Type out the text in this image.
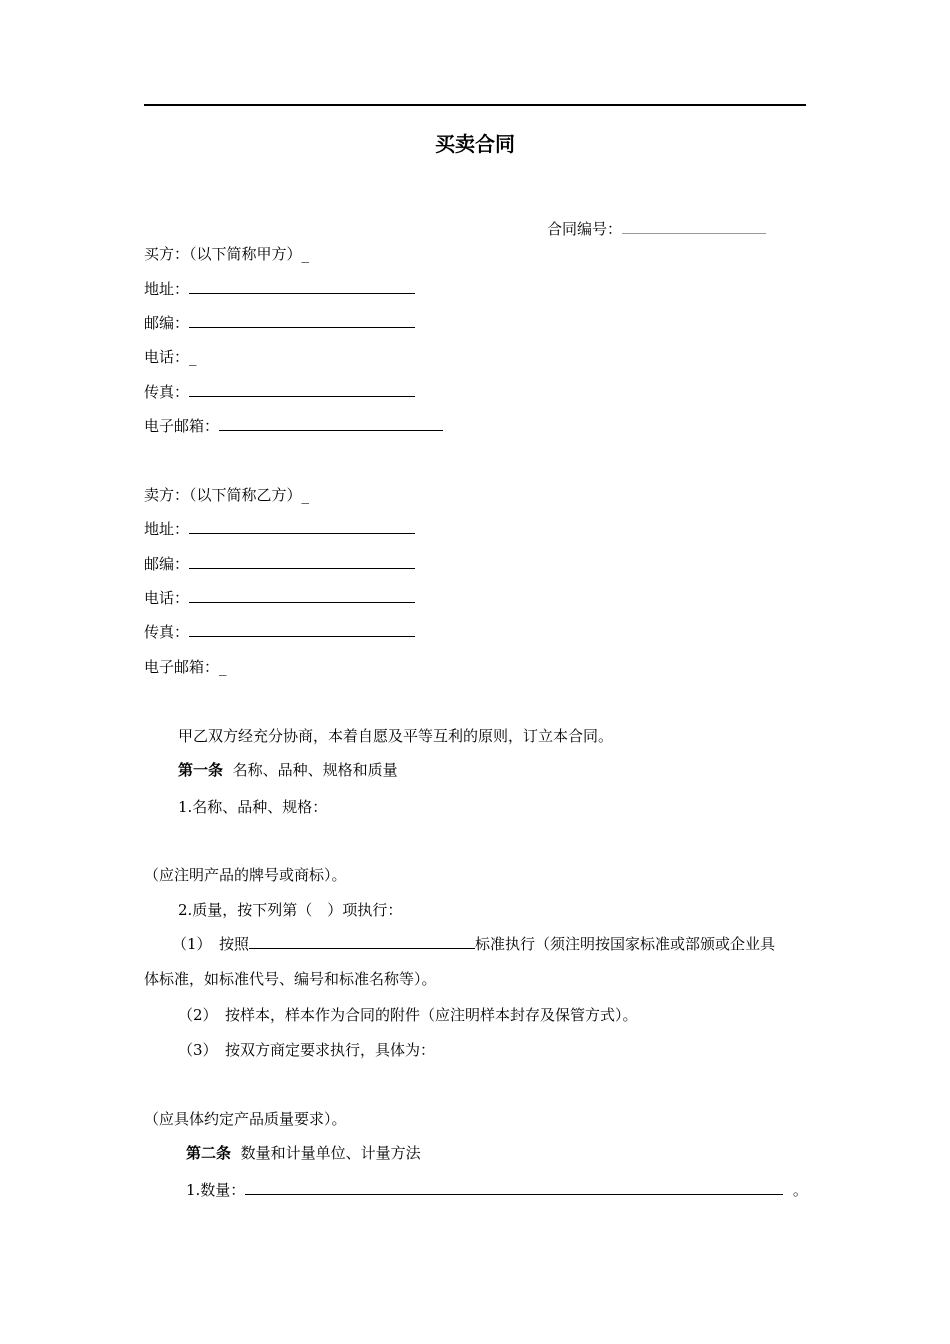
买卖合同
合同编号：
买方：（以下简称甲方）_
地址：
邮编：
电话：_
传真：
电子邮箱：
卖方：（以下简称乙方）_
地址：
邮编：
电话：
传真：
电子邮箱：_
甲乙双方经充分协商，本着自愿及平等互利的原则，订立本合同。
第一条 名称、品种、规格和质量
1.名称、品种、规格：
（应注明产品的牌号或商标）。
2.质量，按下列第（　）项执行：
（1）　按照	标准执行（须注明按国家标准或部颁或企业具
体标准，如标准代号、编号和标准名称等）。
（2）　按样本，样本作为合同的附件（应注明样本封存及保管方式）。
（3）　按双方商定要求执行，具体为：
（应具体约定产品质量要求）。
第二条 数量和计量单位、计量方法
1.数量：	。
